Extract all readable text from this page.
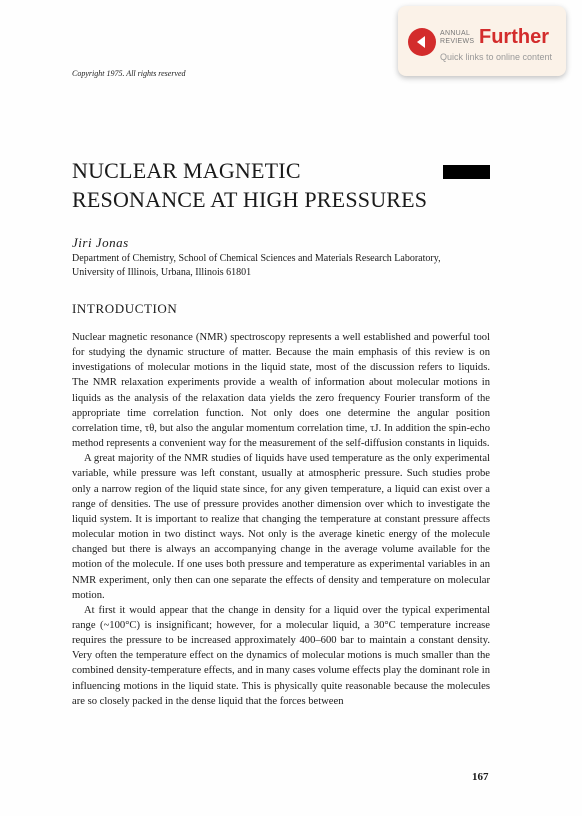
ANNUAL
REVIEWS Further
Quick links to online content
Copyright 1975. All rights reserved
NUCLEAR MAGNETIC
RESONANCE AT HIGH PRESSURES
Jiri Jonas
Department of Chemistry, School of Chemical Sciences and Materials Research Laboratory,
University of Illinois, Urbana, Illinois 61801
INTRODUCTION

Nuclear magnetic resonance (NMR) spectroscopy represents a well established and powerful tool for studying the dynamic structure of matter. Because the main emphasis of this review is on investigations of molecular motions in the liquid state, most of the discussion refers to liquids. The NMR relaxation experiments provide a wealth of information about molecular motions in liquids as the analysis of the relaxation data yields the zero frequency Fourier transform of the appropriate time correlation function. Not only does one determine the angular position correlation time, τθ, but also the angular momentum correlation time, τJ. In addition the spin-echo method represents a convenient way for the measurement of the self-diffusion constants in liquids.

A great majority of the NMR studies of liquids have used temperature as the only experimental variable, while pressure was left constant, usually at atmospheric pressure. Such studies probe only a narrow region of the liquid state since, for any given temperature, a liquid can exist over a range of densities. The use of pressure provides another dimension over which to investigate the liquid system. It is important to realize that changing the temperature at constant pressure affects molecular motion in two distinct ways. Not only is the average kinetic energy of the molecule changed but there is always an accompanying change in the average volume available for the motion of the molecule. If one uses both pressure and temperature as experimental variables in an NMR experiment, only then can one separate the effects of density and temperature on molecular motion.

At first it would appear that the change in density for a liquid over the typical experimental range (~100°C) is insignificant; however, for a molecular liquid, a 30°C temperature increase requires the pressure to be increased approximately 400–600 bar to maintain a constant density. Very often the temperature effect on the dynamics of molecular motions is much smaller than the combined density-temperature effects, and in many cases volume effects play the dominant role in influencing motions in the liquid state. This is physically quite reasonable because the molecules are so closely packed in the dense liquid that the forces between

167
